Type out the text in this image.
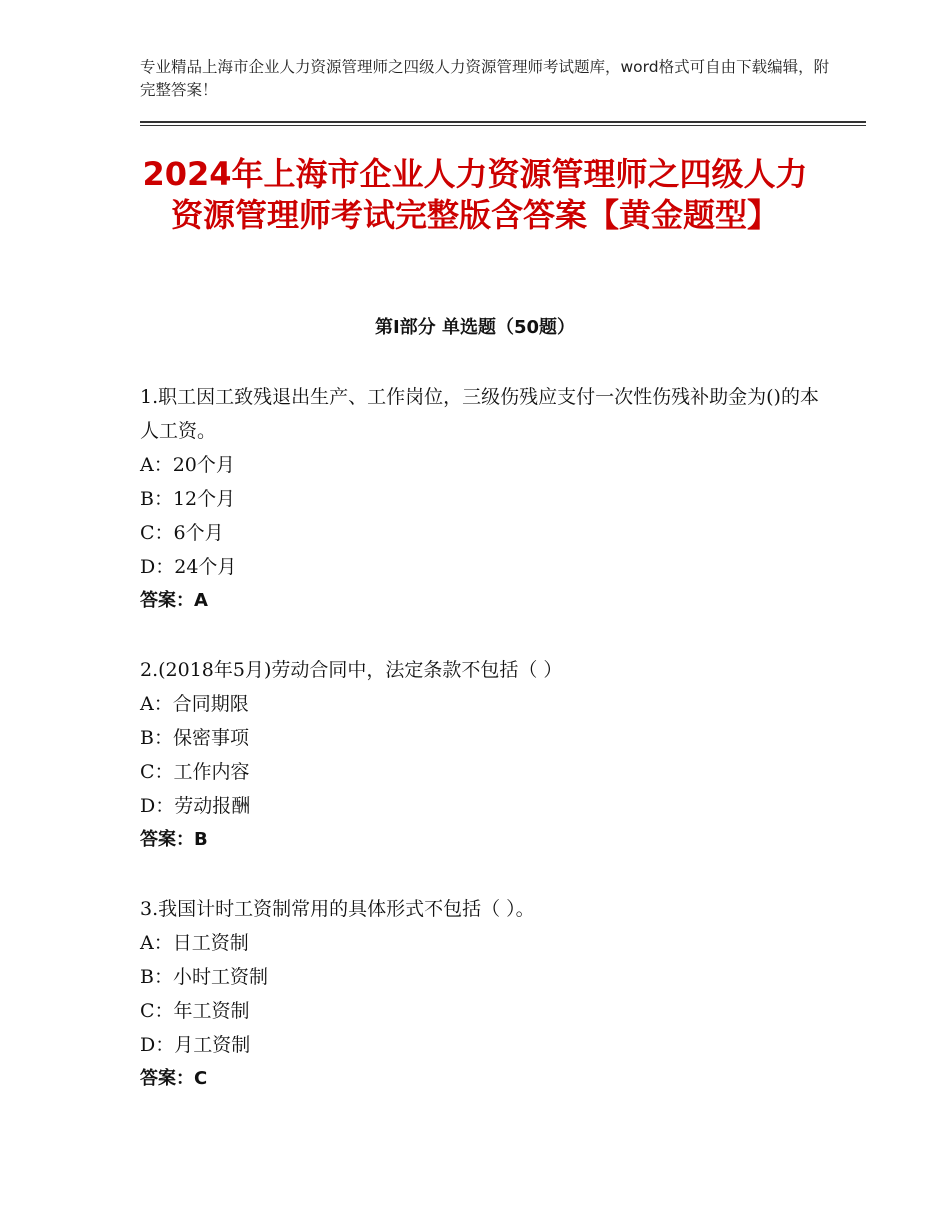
专业精品上海市企业人力资源管理师之四级人力资源管理师考试题库，word格式可自由下载编辑，附完整答案！
2024年上海市企业人力资源管理师之四级人力资源管理师考试完整版含答案【黄金题型】
第Ⅰ部分 单选题（50题）

1.职工因工致残退出生产、工作岗位，三级伤残应支付一次性伤残补助金为()的本人工资。

A：20个月

B：12个月

C：6个月

D：24个月

答案：A

2.(2018年5月)劳动合同中，法定条款不包括（ ）

A：合同期限

B：保密事项

C：工作内容

D：劳动报酬

答案：B

3.我国计时工资制常用的具体形式不包括（ ）。

A：日工资制

B：小时工资制

C：年工资制

D：月工资制

答案：C
